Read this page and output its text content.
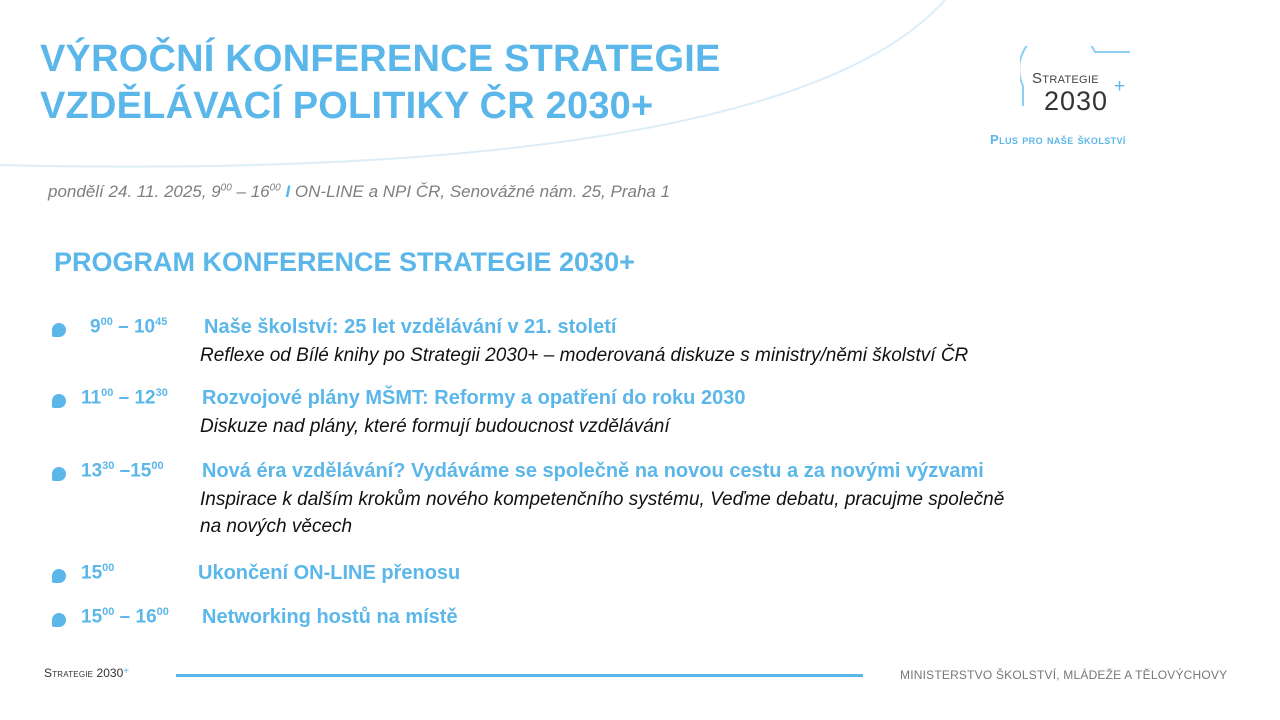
VÝROČNÍ KONFERENCE STRATEGIE
VZDĚLÁVACÍ POLITIKY ČR 2030+
Strategie
2030 +
Plus pro naše školství
pondělí 24. 11. 2025, $9^{00} - 16^{00}$ I ON-LINE a NPI ČR, Senovážné nám. 25, Praha 1
PROGRAM KONFERENCE STRATEGIE 2030+
$9^{00} - 10^{45}$ Naše školství: 25 let vzdělávání v 21. století
Reflexe od Bílé knihy po Strategii 2030+ – moderovaná diskuze s ministry/němi školství ČR
$11^{00} - 12^{30}$ Rozvojové plány MŠMT: Reformy a opatření do roku 2030
Diskuze nad plány, které formují budoucnost vzdělávání
$13^{30}$ $-15^{00}$ Nová éra vzdělávání? Vydáváme se společně na novou cestu a za novými výzvami
Inspirace k dalším krokům nového kompetenčního systému, Veďme debatu, pracujme společně
na nových věcech
$15^{00}$	Ukončení ON-LINE přenosu
$15^{00} - 16^{00}$ Networking hostů na místě
Strategie 2030+	MINISTERSTVO ŠKOLSTVÍ, MLÁDEŽE A TĚLOVÝCHOVY
